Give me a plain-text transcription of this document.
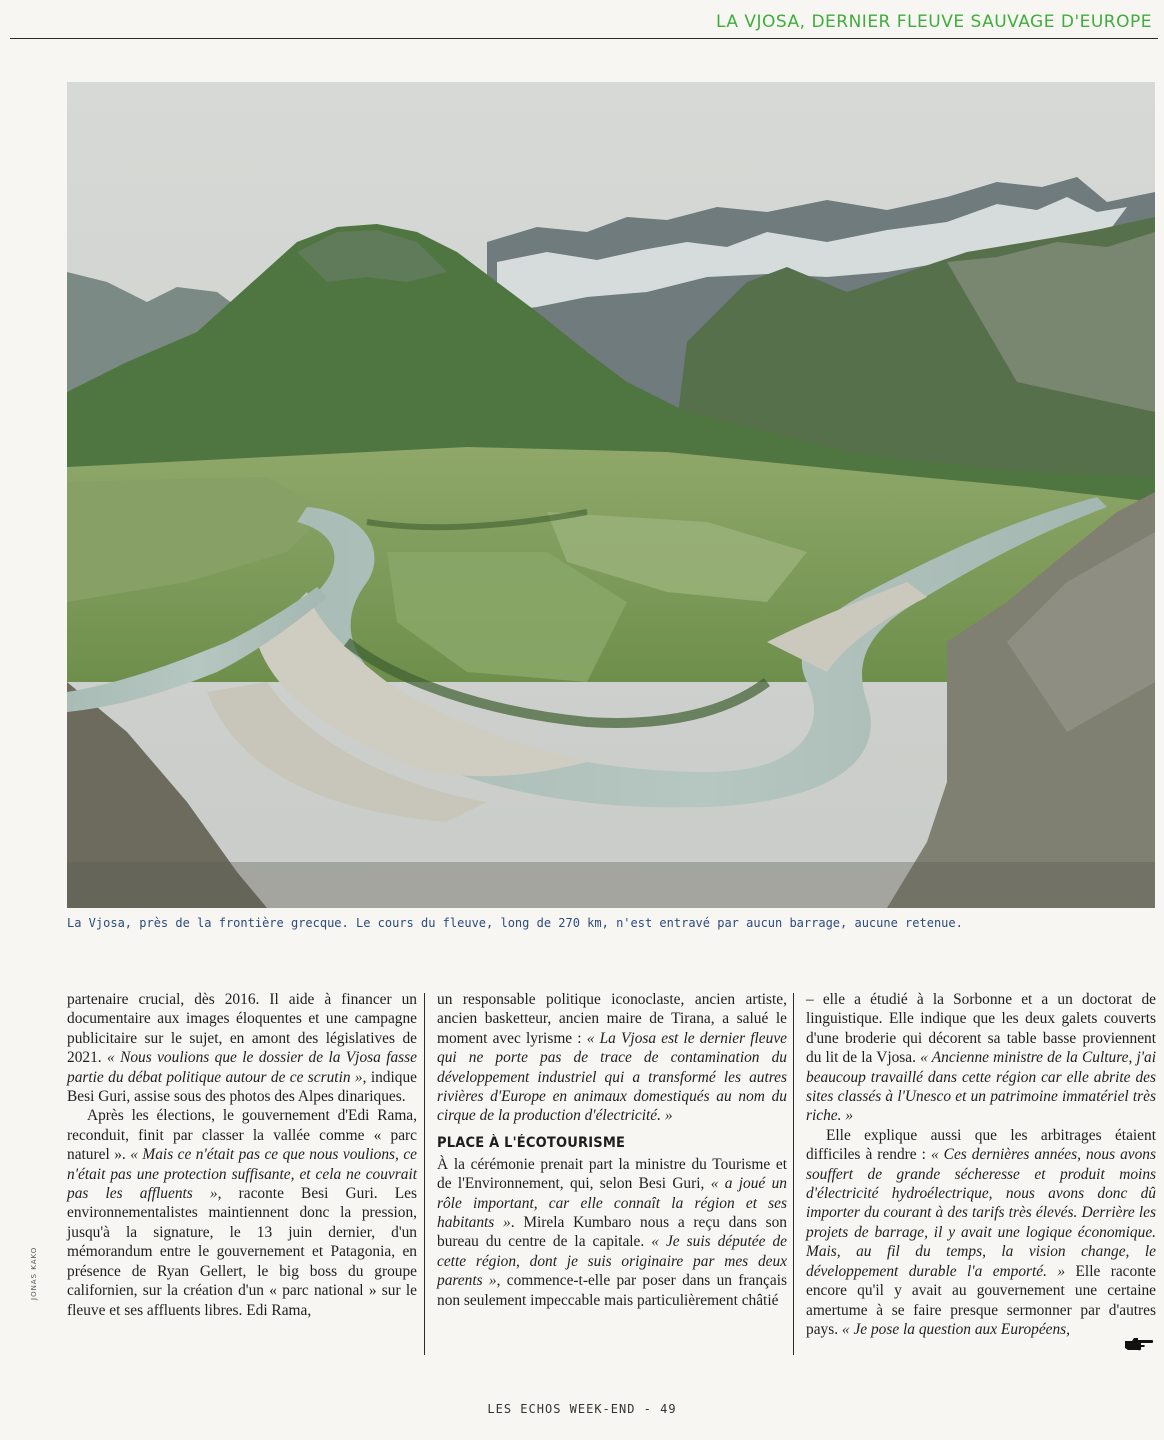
LA VJOSA, DERNIER FLEUVE SAUVAGE D'EUROPE
La Vjosa, près de la frontière grecque. Le cours du fleuve, long de 270 km, n'est entravé par aucun barrage, aucune retenue.

partenaire crucial, dès 2016. Il aide à financer un documentaire aux images éloquentes et une campagne publicitaire sur le sujet, en amont des législatives de 2021. « Nous voulions que le dossier de la Vjosa fasse partie du débat politique autour de ce scrutin », indique Besi Guri, assise sous des photos des Alpes dinariques.

Après les élections, le gouvernement d'Edi Rama, reconduit, finit par classer la vallée comme « parc naturel ». « Mais ce n'était pas ce que nous voulions, ce n'était pas une protection suffisante, et cela ne couvrait pas les affluents », raconte Besi Guri. Les environnementalistes maintiennent donc la pression, jusqu'à la signature, le 13 juin dernier, d'un mémorandum entre le gouvernement et Patagonia, en présence de Ryan Gellert, le big boss du groupe californien, sur la création d'un « parc national » sur le fleuve et ses affluents libres. Edi Rama,

un responsable politique iconoclaste, ancien artiste, ancien basketteur, ancien maire de Tirana, a salué le moment avec lyrisme : « La Vjosa est le dernier fleuve qui ne porte pas de trace de contamination du développement industriel qui a transformé les autres rivières d'Europe en animaux domestiqués au nom du cirque de la production d'électricité. »

PLACE À L'ÉCOTOURISME

À la cérémonie prenait part la ministre du Tourisme et de l'Environnement, qui, selon Besi Guri, « a joué un rôle important, car elle connaît la région et ses habitants ». Mirela Kumbaro nous a reçu dans son bureau du centre de la capitale. « Je suis députée de cette région, dont je suis originaire par mes deux parents », commence-t-elle par poser dans un français non seulement impeccable mais particulièrement châtié

– elle a étudié à la Sorbonne et a un doctorat de linguistique. Elle indique que les deux galets couverts d'une broderie qui décorent sa table basse proviennent du lit de la Vjosa. « Ancienne ministre de la Culture, j'ai beaucoup travaillé dans cette région car elle abrite des sites classés à l'Unesco et un patrimoine immatériel très riche. »

Elle explique aussi que les arbitrages étaient difficiles à rendre : « Ces dernières années, nous avons souffert de grande sécheresse et produit moins d'électricité hydroélectrique, nous avons donc dû importer du courant à des tarifs très élevés. Derrière les projets de barrage, il y avait une logique économique. Mais, au fil du temps, la vision change, le développement durable l'a emporté. » Elle raconte encore qu'il y avait au gouvernement une certaine amertume à se faire presque sermonner par d'autres pays. « Je pose la question aux Européens,

JONAS KAKO
LES ECHOS WEEK-END - 49
